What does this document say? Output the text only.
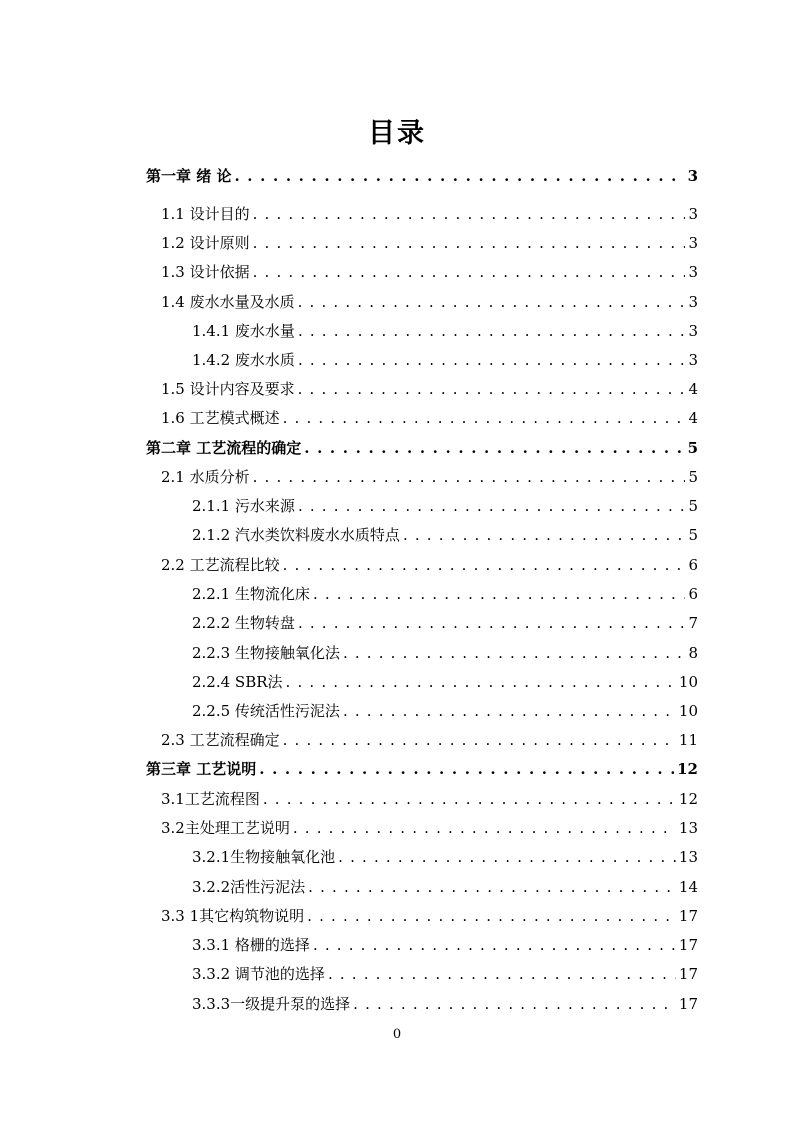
目录
第一章 绪 论 . . .	3
1.1 设计目的 . . .	3
1.2 设计原则 . . .	3
1.3 设计依据 . . .	3
1.4 废水水量及水质 . . .	3
1.4.1 废水水量 . . .	3
1.4.2 废水水质 . . .	3
1.5 设计内容及要求 . . .	4
1.6 工艺模式概述 . . .	4
第二章 工艺流程的确定 . . .	5
2.1 水质分析 . . .	5
2.1.1 污水来源 . . .	5
2.1.2 汽水类饮料废水水质特点 . . .	5
2.2 工艺流程比较 . . .	6
2.2.1 生物流化床 . . .	6
2.2.2 生物转盘 . . .	7
2.2.3 生物接触氧化法 . . .	8
2.2.4 SBR法 . . .	10
2.2.5 传统活性污泥法 . . .	10
2.3 工艺流程确定 . . .	11
第三章 工艺说明 . . .	12
3.1工艺流程图 . . .	12
3.2主处理工艺说明 . . .	13
3.2.1生物接触氧化池 . . .	13
3.2.2活性污泥法 . . .	14
3.3 1其它构筑物说明 . . .	17
3.3.1 格栅的选择 . . .	17
3.3.2 调节池的选择 . . .	17
3.3.3一级提升泵的选择 . . .	17
0
